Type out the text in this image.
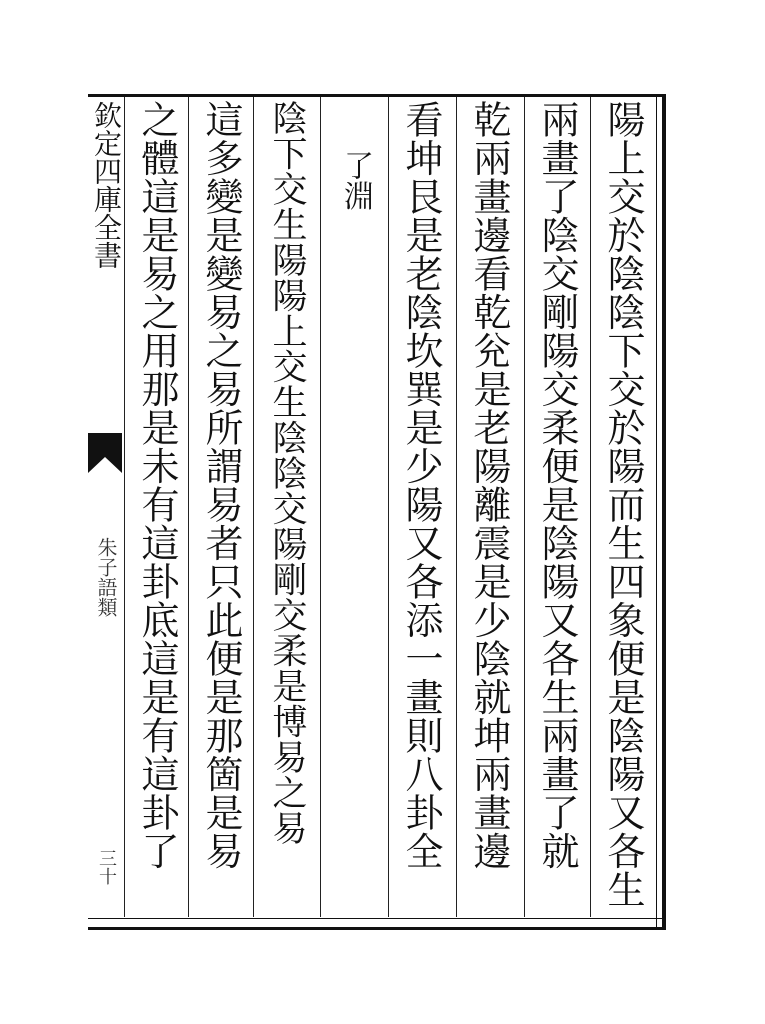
欽定四庫全書
朱子語類
三十	陽上交於陰陰下交於陽而生四象便是陰陽又各生
兩畫了陰交剛陽交柔便是陰陽又各生兩畫了就
乾兩畫邊看乾兊是老陽離震是少陰就坤兩畫邊
看坤艮是老陰坎巽是少陽又各添一畫則八卦全
了淵
陰下交生陽陽上交生陰陰交陽剛交柔是博易之易
這多變是變易之易所謂易者只此便是那箇是易
之體這是易之用那是未有這卦底這是有這卦了
